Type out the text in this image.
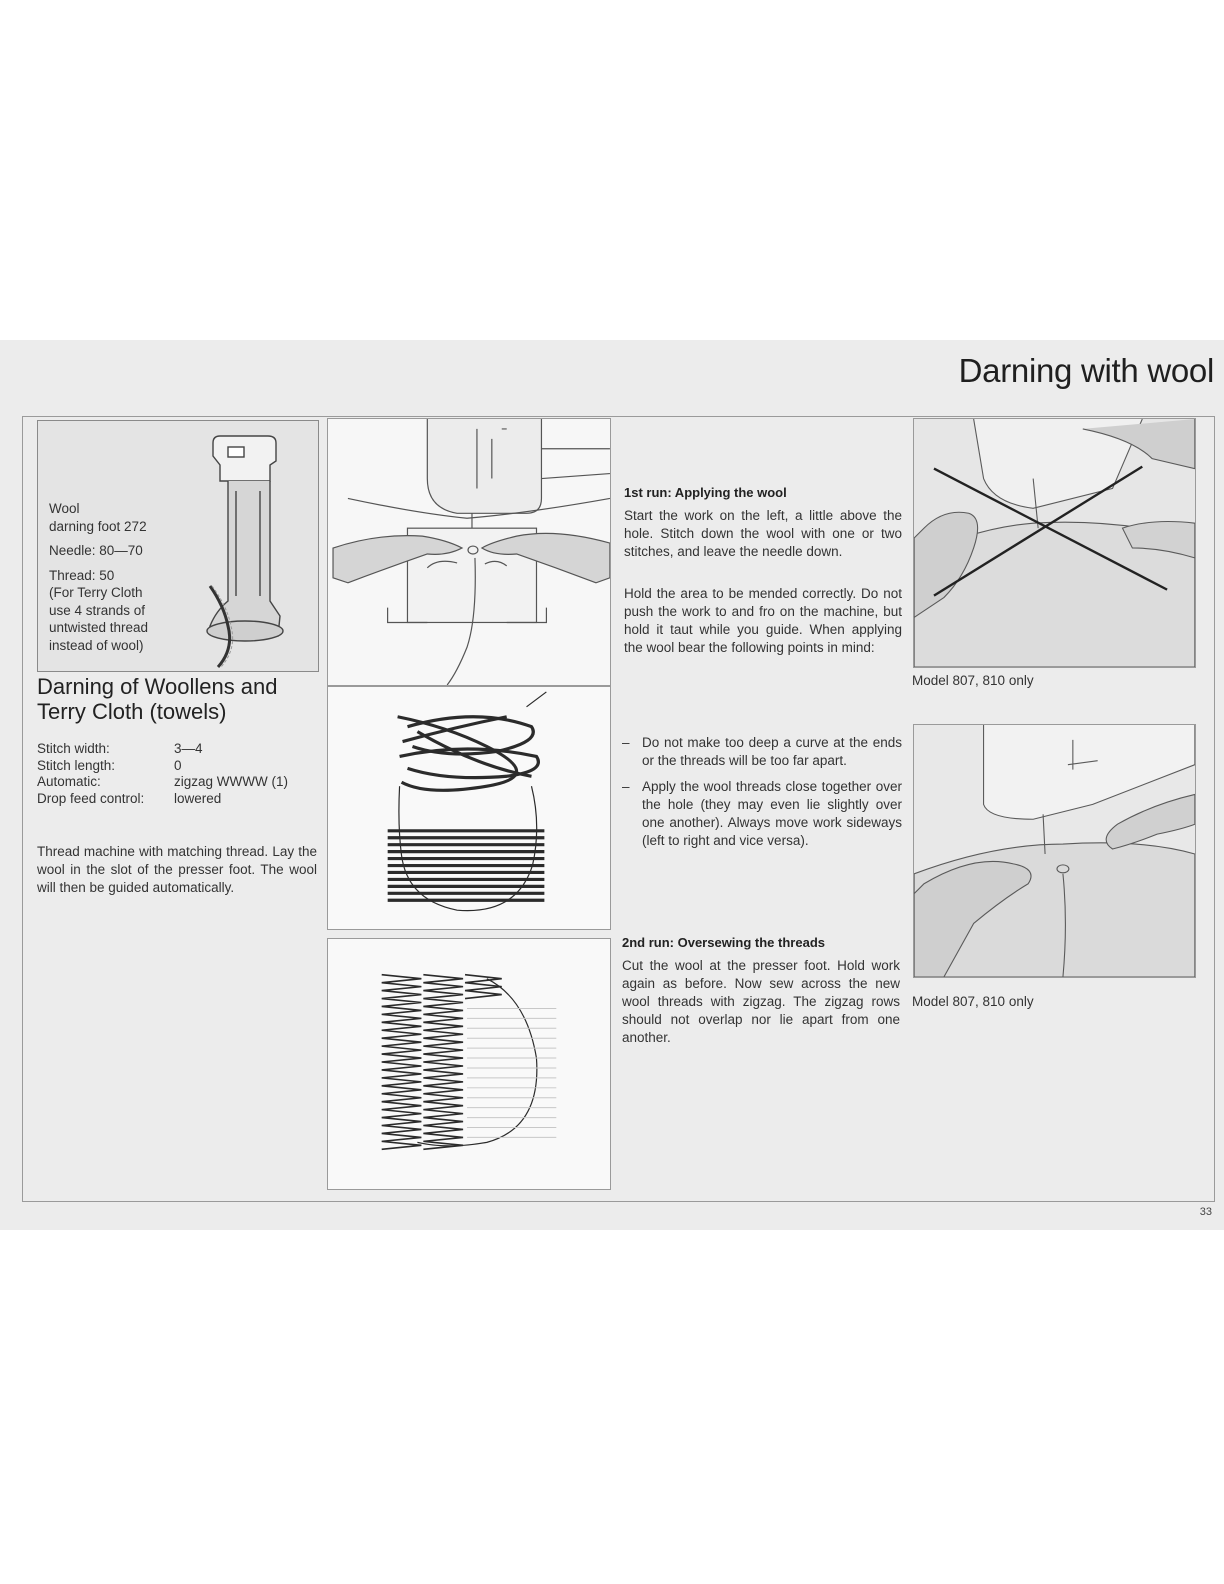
Darning with wool
33
Wool
darning foot 272
Needle: 80—70
Thread: 50
(For Terry Cloth
use 4 strands of
untwisted thread
instead of wool)
Darning of Woollens and
Terry Cloth (towels)
Stitch width:	3—4
Stitch length:	0
Automatic:	zigzag WWWW (1)
Drop feed control:	lowered
Thread machine with matching thread. Lay the wool in the slot of the presser foot. The wool will then be guided automatically.
1st run: Applying the wool
Start the work on the left, a little above the hole. Stitch down the wool with one or two stitches, and leave the needle down.
Hold the area to be mended correctly. Do not push the work to and fro on the machine, but hold it taut while you guide. When applying the wool bear the following points in mind:
– Do not make too deep a curve at the ends or the threads will be too far apart.
– Apply the wool threads close together over the hole (they may even lie slightly over one another). Always move work sideways (left to right and vice versa).
2nd run: Oversewing the threads
Cut the wool at the presser foot. Hold work again as before. Now sew across the new wool threads with zigzag. The zigzag rows should not overlap nor lie apart from one another.
Model 807, 810 only
Model 807, 810 only
